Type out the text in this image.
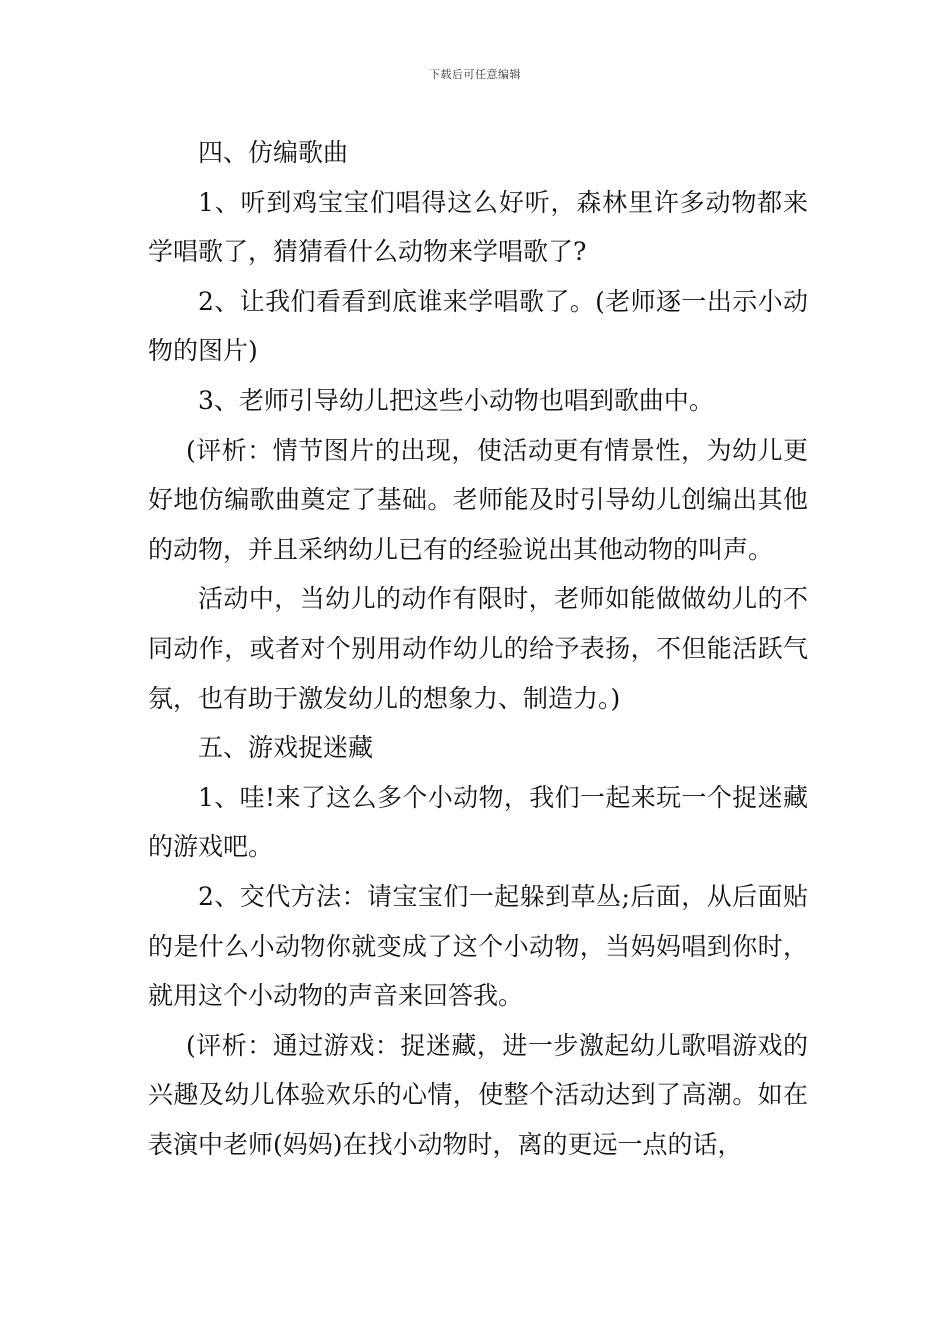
下载后可任意编辑

四、仿编歌曲

1、听到鸡宝宝们唱得这么好听，森林里许多动物都来学唱歌了，猜猜看什么动物来学唱歌了?

2、让我们看看到底谁来学唱歌了。(老师逐一出示小动物的图片)

3、老师引导幼儿把这些小动物也唱到歌曲中。

(评析：情节图片的出现，使活动更有情景性，为幼儿更好地仿编歌曲奠定了基础。老师能及时引导幼儿创编出其他的动物，并且采纳幼儿已有的经验说出其他动物的叫声。

活动中，当幼儿的动作有限时，老师如能做做幼儿的不同动作，或者对个别用动作幼儿的给予表扬，不但能活跃气氛，也有助于激发幼儿的想象力、制造力。)

五、游戏捉迷藏

1、哇!来了这么多个小动物，我们一起来玩一个捉迷藏的游戏吧。

2、交代方法：请宝宝们一起躲到草丛;后面，从后面贴的是什么小动物你就变成了这个小动物，当妈妈唱到你时，就用这个小动物的声音来回答我。

(评析：通过游戏：捉迷藏，进一步激起幼儿歌唱游戏的兴趣及幼儿体验欢乐的心情，使整个活动达到了高潮。如在表演中老师(妈妈)在找小动物时，离的更远一点的话，
